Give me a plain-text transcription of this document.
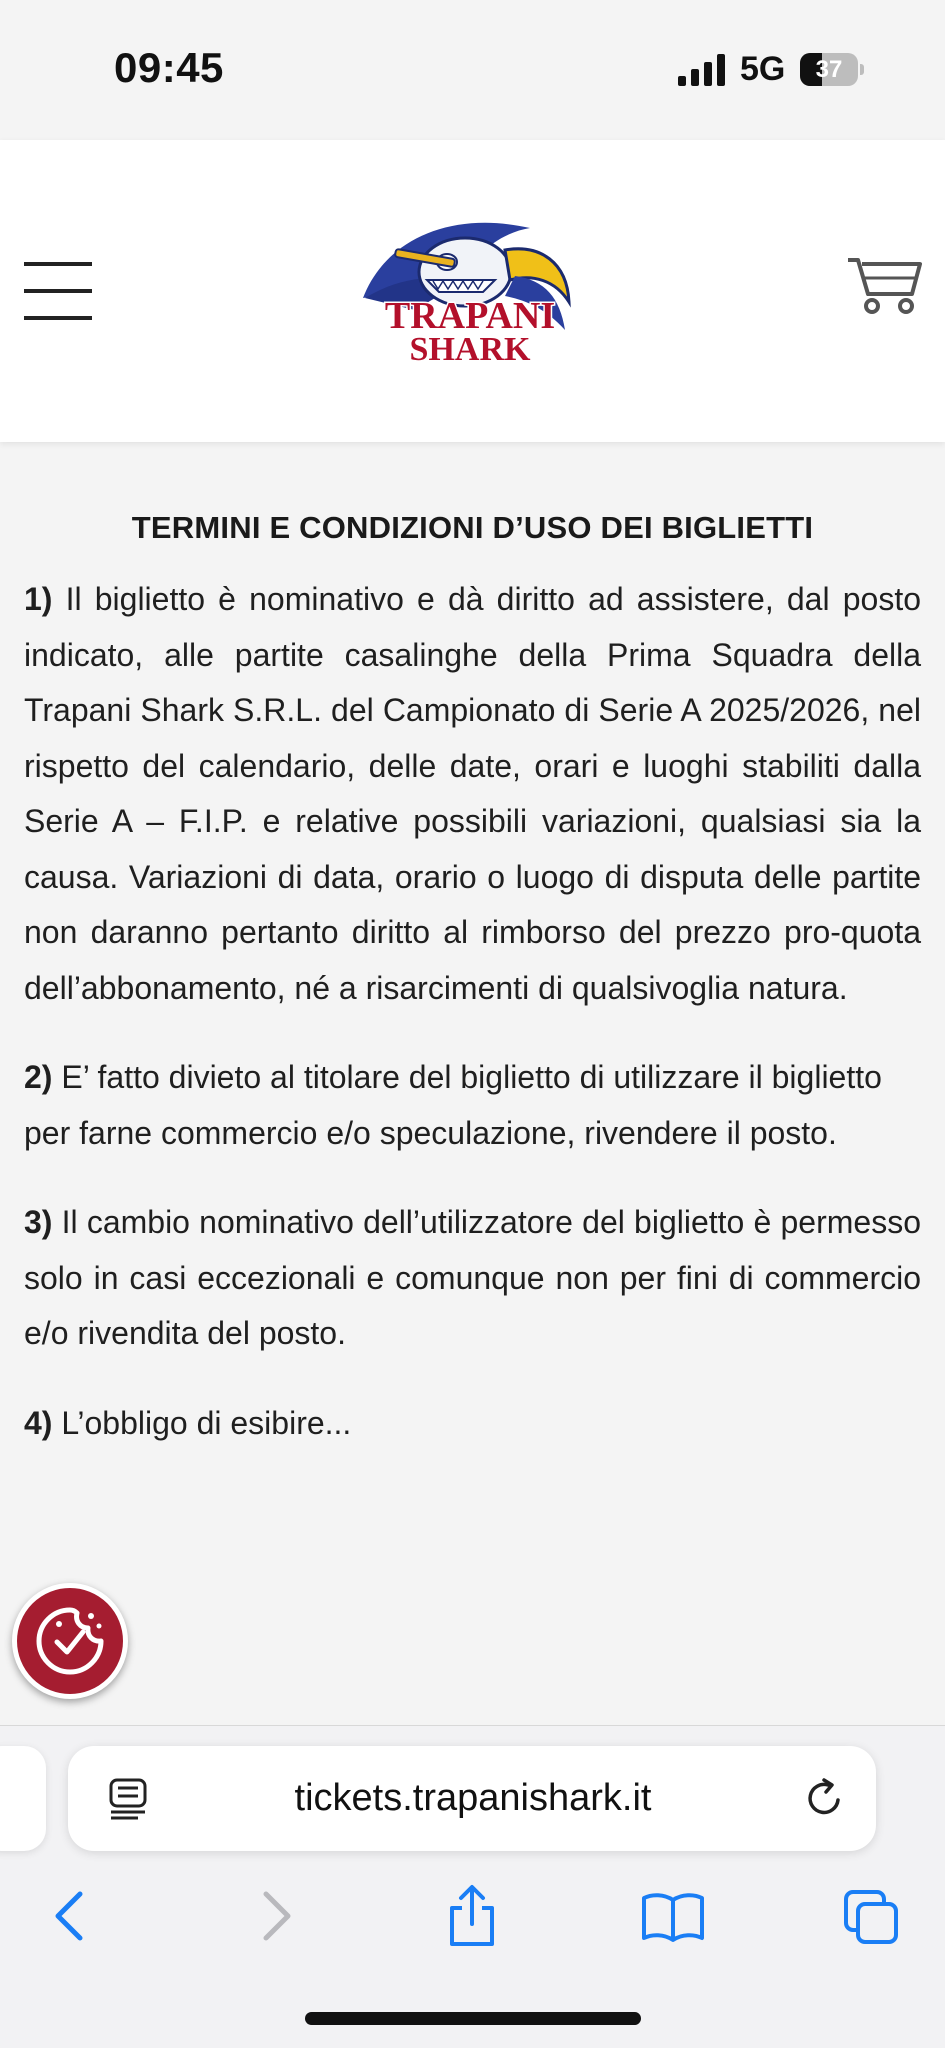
09:45	5G	37
TRAPANI
SHARK
TERMINI E CONDIZIONI D’USO DEI BIGLIETTI

1) Il biglietto è nominativo e dà diritto ad assistere, dal posto indicato, alle partite casalinghe della Prima Squadra della Trapani Shark S.R.L. del Campionato di Serie A 2025/2026, nel rispetto del calendario, delle date, orari e luoghi stabiliti dalla Serie A – F.I.P. e relative possibili variazioni, qualsiasi sia la causa. Variazioni di data, orario o luogo di disputa delle partite non daranno pertanto diritto al rimborso del prezzo pro-quota dell’abbonamento, né a risarcimenti di qualsivoglia natura.

2) E’ fatto divieto al titolare del biglietto di utilizzare il biglietto
per farne commercio e/o speculazione, rivendere il posto.

3) Il cambio nominativo dell’utilizzatore del biglietto è permesso solo in casi eccezionali e comunque non per fini di commercio e/o rivendita del posto.

4) L’obbligo di esibire...

tickets.trapanishark.it
